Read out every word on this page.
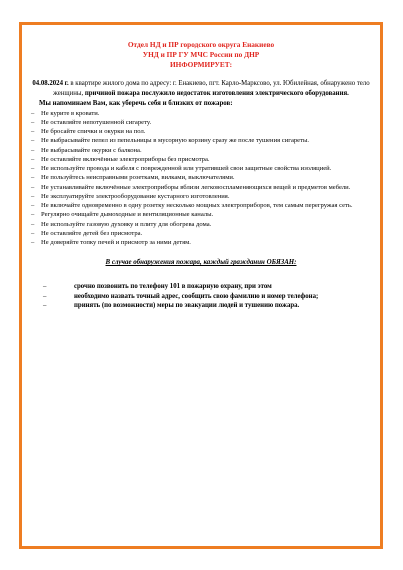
Отдел НД и ПР городского округа Енакиево
УНД и ПР ГУ МЧС России по ДНР
ИНФОРМИРУЕТ:
04.08.2024 г. в квартире жилого дома по адресу: г. Енакиево, пгт. Карло-Марксово, ул. Юбилейная, обнаружено тело женщины, причиной пожара послужило недостаток изготовления электрического оборудования.
Мы напоминаем Вам, как уберечь себя и близких от пожаров:
– Не курите в кровати.
– Не оставляйте непотушенной сигарету.
– Не бросайте спички и окурки на пол.
– Не выбрасывайте пепел из пепельницы в мусорную корзину сразу же после тушения сигареты.
– Не выбрасывайте окурки с балкона.
– Не оставляйте включённые электроприборы без присмотра.
– Не используйте провода и кабеля с поврежденной или утратившей свои защитные свойства изоляцией.
– Не пользуйтесь неисправными розетками, вилками, выключателями.
– Не устанавливайте включённые электроприборы вблизи легковоспламеняющихся вещей и предметов мебели.
– Не эксплуатируйте электрооборудование кустарного изготовления.
– Не включайте одновременно в одну розетку несколько мощных электроприборов, тем самым перегружая сеть.
– Регулярно очищайте дымоходные и вентиляционные каналы.
– Не используйте газовую духовку и плиту для обогрева дома.
– Не оставляйте детей без присмотра.
– Не доверяйте топку печей и присмотр за ними детям.
В случае обнаружения пожара, каждый гражданин ОБЯЗАН:
– срочно позвонить по телефону 101 в пожарную охрану, при этом
– необходимо назвать точный адрес, сообщить свою фамилию и номер телефона;
– принять (по возможности) меры по эвакуации людей и тушению пожара.
